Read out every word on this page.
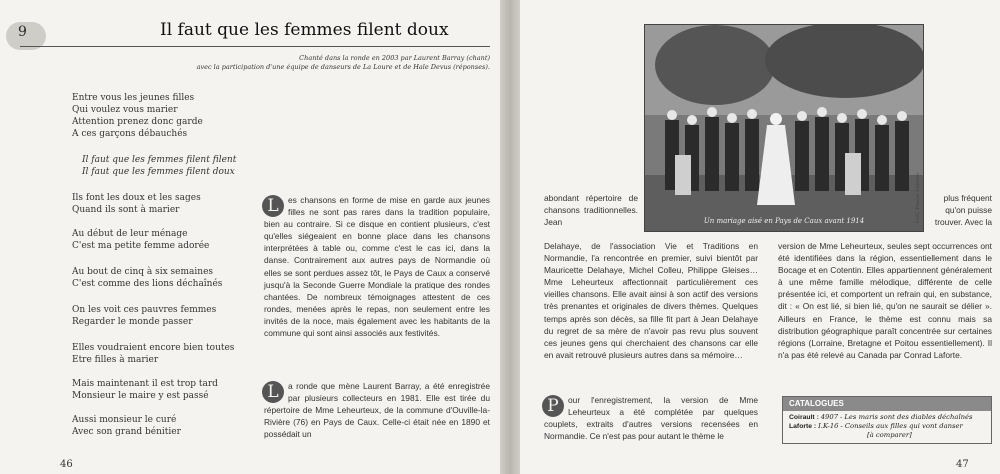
9	Il faut que les femmes filent doux
Chanté dans la ronde en 2003 par Laurent Barray (chant)
avec la participation d'une équipe de danseurs de La Loure et de Hale Devus (réponses).
Entre vous les jeunes filles
Qui voulez vous marier
Attention prenez donc garde
A ces garçons débauchés
Il faut que les femmes filent filent
Il faut que les femmes filent doux
Ils font les doux et les sages
Quand ils sont à marier
Au début de leur ménage
C'est ma petite femme adorée
Au bout de cinq à six semaines
C'est comme des lions déchaînés
On les voit ces pauvres femmes
Regarder le monde passer
Elles voudraient encore bien toutes
Etre filles à marier
Mais maintenant il est trop tard
Monsieur le maire y est passé
Aussi monsieur le curé
Avec son grand bénitier

L	es chansons en forme de mise en garde aux jeunes filles ne sont pas rares dans la tradition populaire, bien au contraire. Si ce disque en contient plusieurs, c'est qu'elles siégeaient en bonne place dans les chansons interprétées à table ou, comme c'est le cas ici, dans la danse. Contrairement aux autres pays de Normandie où elles se sont perdues assez tôt, le Pays de Caux a conservé jusqu'à la Seconde Guerre Mondiale la pratique des rondes chantées. De nombreux témoignages attestent de ces rondes, menées après le repas, non seulement entre les invités de la noce, mais également avec les habitants de la commune qui sont ainsi associés aux festivités.

L	a ronde que mène Laurent Barray, a été enregistrée par plusieurs collecteurs en 1981. Elle est tirée du répertoire de Mme Leheurteux, de la commune d'Ouville-la-Rivière (76) en Pays de Caux. Celle-ci était née en 1890 et possédait un

46
Un mariage aisé en Pays de Caux avant 1914	Coll. Pascal Siméon
abondant répertoire de chansons traditionnelles. Jean
Delahaye, de l'association Vie et Traditions en Normandie, l'a rencontrée en premier, suivi bientôt par Mauricette Delahaye, Michel Colleu, Philippe Gleises… Mme Leheurteux affectionnait particulièrement ces vieilles chansons. Elle avait ainsi à son actif des versions très prenantes et originales de divers thèmes. Quelques temps après son décès, sa fille fit part à Jean Delahaye du regret de sa mère de n'avoir pas revu plus souvent ces jeunes gens qui cherchaient des chansons car elle en avait retrouvé plusieurs autres dans sa mémoire…

P	our l'enregistrement, la version de Mme Leheurteux a été complétée par quelques couplets, extraits d'autres versions recensées en Normandie. Ce n'est pas pour autant le thème le

plus fréquent qu'on puisse trouver. Avec la
version de Mme Leheurteux, seules sept occurrences ont été identifiées dans la région, essentiellement dans le Bocage et en Cotentin. Elles appartiennent généralement à une même famille mélodique, différente de celle présentée ici, et comportent un refrain qui, en substance, dit : « On est lié, si bien lié, qu'on ne saurait se délier ». Ailleurs en France, le thème est connu mais sa distribution géographique paraît concentrée sur certaines régions (Lorraine, Bretagne et Poitou essentiellement). Il n'a pas été relevé au Canada par Conrad Laforte.
CATALOGUES
Coirault : 4907 - Les maris sont des diables déchaînés
Laforte : I.K-16 - Conseils aux filles qui vont danser
[à comparer]
47
